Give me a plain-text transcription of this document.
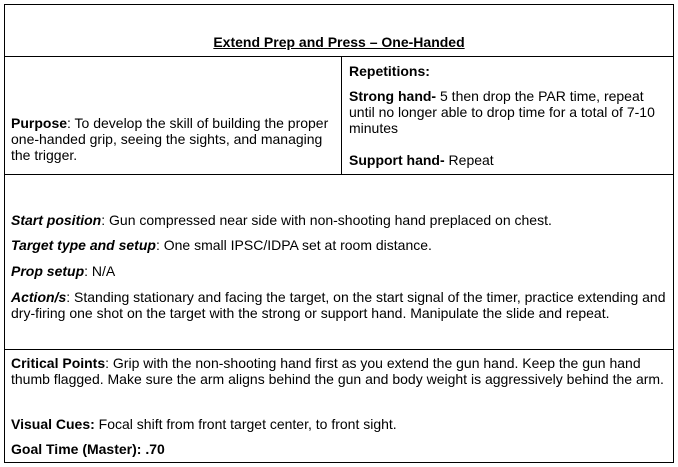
Extend Prep and Press – One-Handed
Purpose: To develop the skill of building the proper one-handed grip, seeing the sights, and managing the trigger.
Repetitions:
Strong hand- 5 then drop the PAR time, repeat until no longer able to drop time for a total of 7-10 minutes
Support hand- Repeat
Start position: Gun compressed near side with non-shooting hand preplaced on chest.
Target type and setup: One small IPSC/IDPA set at room distance.
Prop setup: N/A
Action/s: Standing stationary and facing the target, on the start signal of the timer, practice extending and dry-firing one shot on the target with the strong or support hand. Manipulate the slide and repeat.
Critical Points: Grip with the non-shooting hand first as you extend the gun hand. Keep the gun hand thumb flagged. Make sure the arm aligns behind the gun and body weight is aggressively behind the arm.
Visual Cues: Focal shift from front target center, to front sight.
Goal Time (Master): .70
